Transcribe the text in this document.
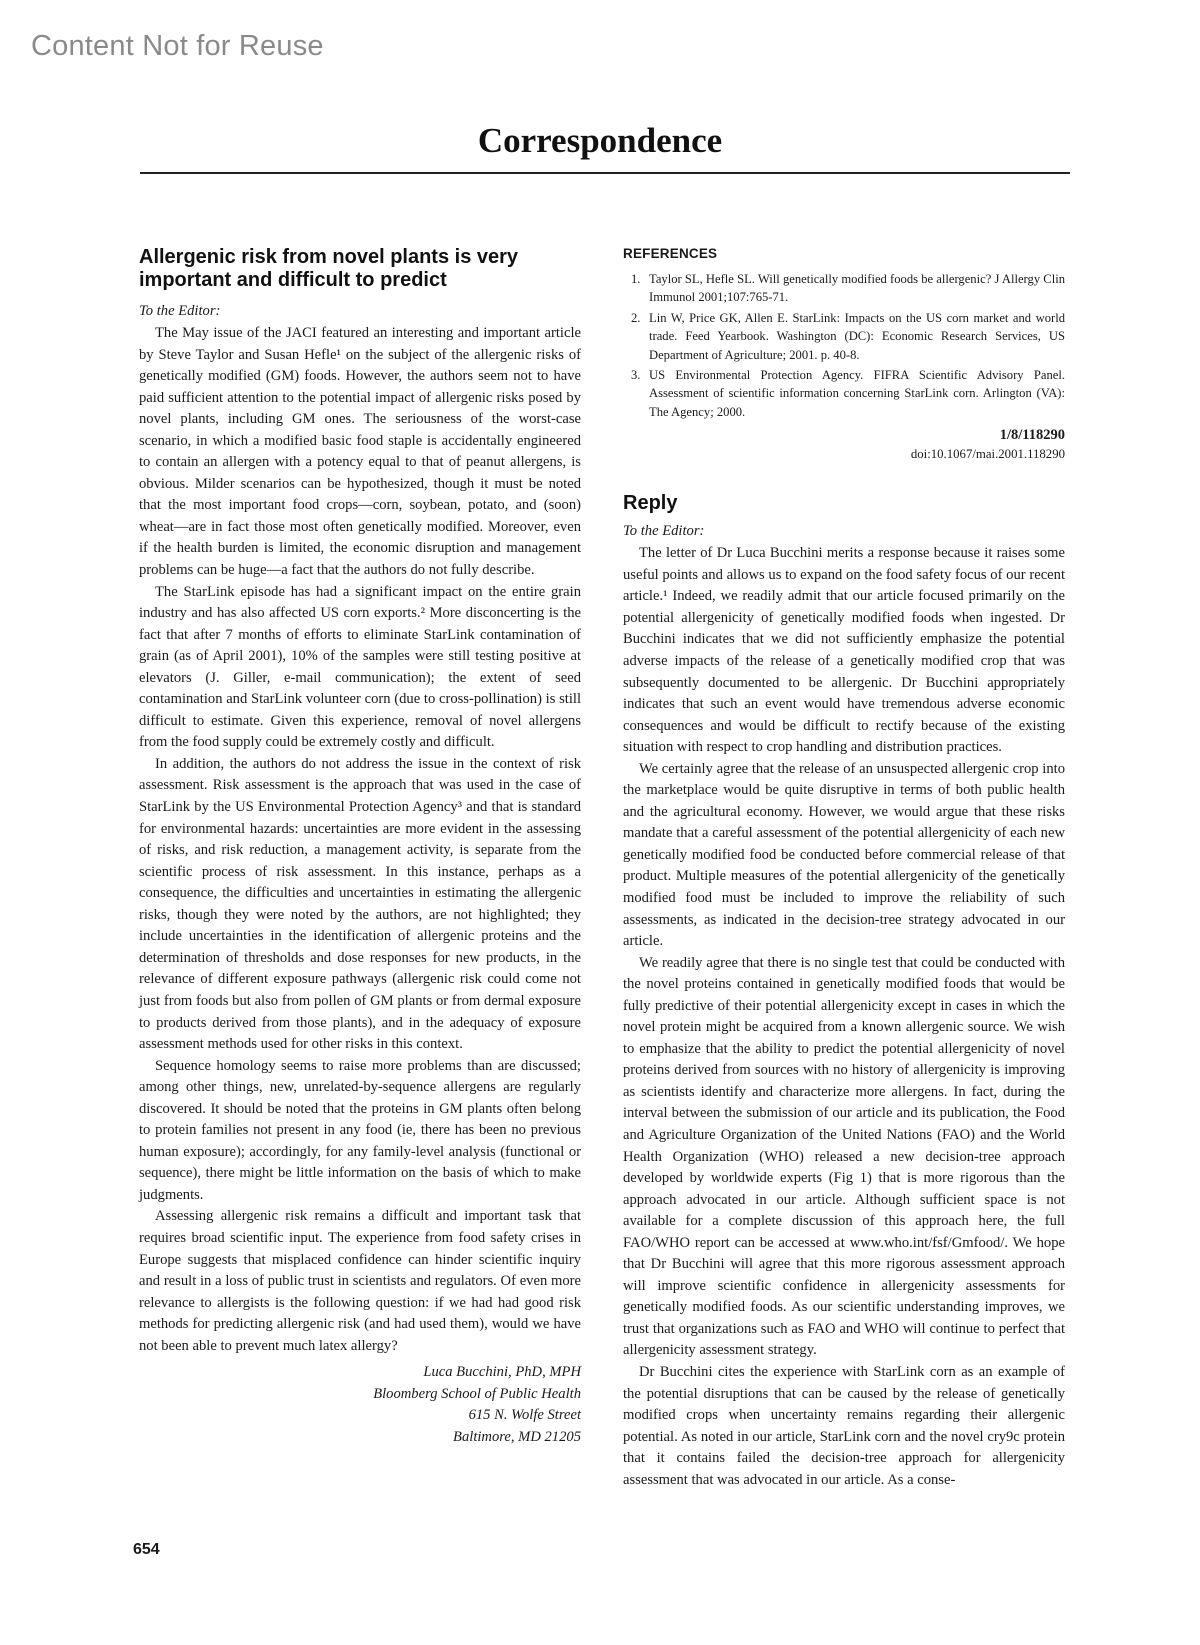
Content Not for Reuse
Correspondence
Allergenic risk from novel plants is very important and difficult to predict
To the Editor:

The May issue of the JACI featured an interesting and important article by Steve Taylor and Susan Hefle¹ on the subject of the allergenic risks of genetically modified (GM) foods. However, the authors seem not to have paid sufficient attention to the potential impact of allergenic risks posed by novel plants, including GM ones. The seriousness of the worst-case scenario, in which a modified basic food staple is accidentally engineered to contain an allergen with a potency equal to that of peanut allergens, is obvious. Milder scenarios can be hypothesized, though it must be noted that the most important food crops—corn, soybean, potato, and (soon) wheat—are in fact those most often genetically modified. Moreover, even if the health burden is limited, the economic disruption and management problems can be huge—a fact that the authors do not fully describe.

The StarLink episode has had a significant impact on the entire grain industry and has also affected US corn exports.² More disconcerting is the fact that after 7 months of efforts to eliminate StarLink contamination of grain (as of April 2001), 10% of the samples were still testing positive at elevators (J. Giller, e-mail communication); the extent of seed contamination and StarLink volunteer corn (due to cross-pollination) is still difficult to estimate. Given this experience, removal of novel allergens from the food supply could be extremely costly and difficult.

In addition, the authors do not address the issue in the context of risk assessment. Risk assessment is the approach that was used in the case of StarLink by the US Environmental Protection Agency³ and that is standard for environmental hazards: uncertainties are more evident in the assessing of risks, and risk reduction, a management activity, is separate from the scientific process of risk assessment. In this instance, perhaps as a consequence, the difficulties and uncertainties in estimating the allergenic risks, though they were noted by the authors, are not highlighted; they include uncertainties in the identification of allergenic proteins and the determination of thresholds and dose responses for new products, in the relevance of different exposure pathways (allergenic risk could come not just from foods but also from pollen of GM plants or from dermal exposure to products derived from those plants), and in the adequacy of exposure assessment methods used for other risks in this context.

Sequence homology seems to raise more problems than are discussed; among other things, new, unrelated-by-sequence allergens are regularly discovered. It should be noted that the proteins in GM plants often belong to protein families not present in any food (ie, there has been no previous human exposure); accordingly, for any family-level analysis (functional or sequence), there might be little information on the basis of which to make judgments.

Assessing allergenic risk remains a difficult and important task that requires broad scientific input. The experience from food safety crises in Europe suggests that misplaced confidence can hinder scientific inquiry and result in a loss of public trust in scientists and regulators. Of even more relevance to allergists is the following question: if we had had good risk methods for predicting allergenic risk (and had used them), would we have not been able to prevent much latex allergy?

Luca Bucchini, PhD, MPH
Bloomberg School of Public Health
615 N. Wolfe Street
Baltimore, MD 21205
REFERENCES
1. Taylor SL, Hefle SL. Will genetically modified foods be allergenic? J Allergy Clin Immunol 2001;107:765-71.
2. Lin W, Price GK, Allen E. StarLink: Impacts on the US corn market and world trade. Feed Yearbook. Washington (DC): Economic Research Services, US Department of Agriculture; 2001. p. 40-8.
3. US Environmental Protection Agency. FIFRA Scientific Advisory Panel. Assessment of scientific information concerning StarLink corn. Arlington (VA): The Agency; 2000.
1/8/118290
doi:10.1067/mai.2001.118290
Reply
To the Editor:

The letter of Dr Luca Bucchini merits a response because it raises some useful points and allows us to expand on the food safety focus of our recent article.¹ Indeed, we readily admit that our article focused primarily on the potential allergenicity of genetically modified foods when ingested. Dr Bucchini indicates that we did not sufficiently emphasize the potential adverse impacts of the release of a genetically modified crop that was subsequently documented to be allergenic. Dr Bucchini appropriately indicates that such an event would have tremendous adverse economic consequences and would be difficult to rectify because of the existing situation with respect to crop handling and distribution practices.

We certainly agree that the release of an unsuspected allergenic crop into the marketplace would be quite disruptive in terms of both public health and the agricultural economy. However, we would argue that these risks mandate that a careful assessment of the potential allergenicity of each new genetically modified food be conducted before commercial release of that product. Multiple measures of the potential allergenicity of the genetically modified food must be included to improve the reliability of such assessments, as indicated in the decision-tree strategy advocated in our article.

We readily agree that there is no single test that could be conducted with the novel proteins contained in genetically modified foods that would be fully predictive of their potential allergenicity except in cases in which the novel protein might be acquired from a known allergenic source. We wish to emphasize that the ability to predict the potential allergenicity of novel proteins derived from sources with no history of allergenicity is improving as scientists identify and characterize more allergens. In fact, during the interval between the submission of our article and its publication, the Food and Agriculture Organization of the United Nations (FAO) and the World Health Organization (WHO) released a new decision-tree approach developed by worldwide experts (Fig 1) that is more rigorous than the approach advocated in our article. Although sufficient space is not available for a complete discussion of this approach here, the full FAO/WHO report can be accessed at www.who.int/fsf/Gmfood/. We hope that Dr Bucchini will agree that this more rigorous assessment approach will improve scientific confidence in allergenicity assessments for genetically modified foods. As our scientific understanding improves, we trust that organizations such as FAO and WHO will continue to perfect that allergenicity assessment strategy.

Dr Bucchini cites the experience with StarLink corn as an example of the potential disruptions that can be caused by the release of genetically modified crops when uncertainty remains regarding their allergenic potential. As noted in our article, StarLink corn and the novel cry9c protein that it contains failed the decision-tree approach for allergenicity assessment that was advocated in our article. As a conse-

654
